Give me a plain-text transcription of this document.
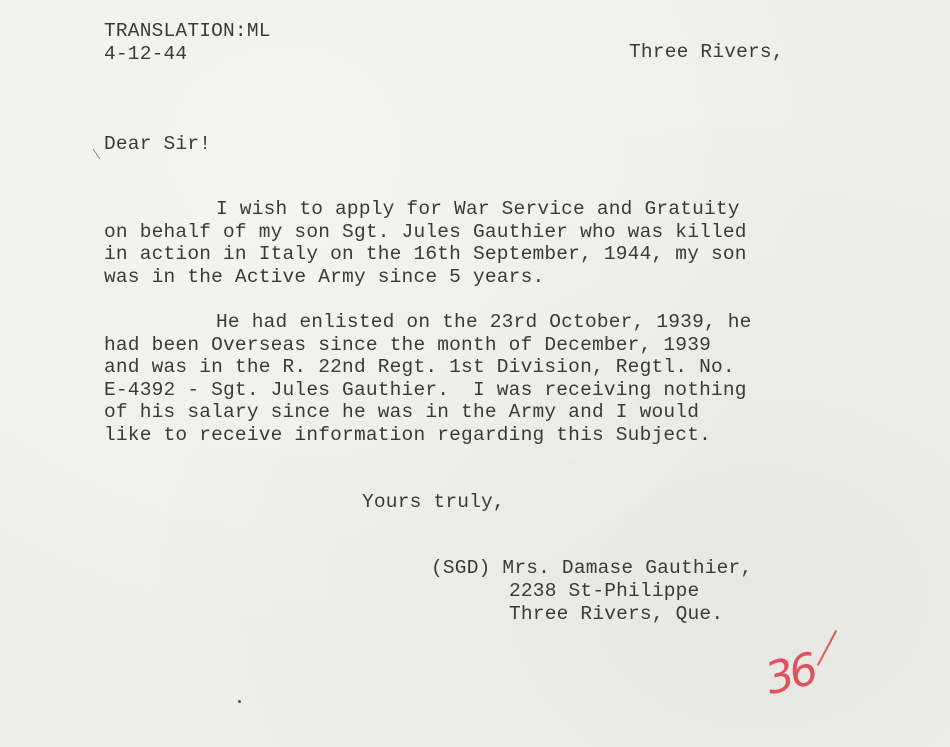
TRANSLATION:ML
4-12-44	Three Rivers,
Dear Sir!
I wish to apply for War Service and Gratuity
on behalf of my son Sgt. Jules Gauthier who was killed
in action in Italy on the 16th September, 1944, my son
was in the Active Army since 5 years.
He had enlisted on the 23rd October, 1939, he
had been Overseas since the month of December, 1939
and was in the R. 22nd Regt. 1st Division, Regtl. No.
E-4392 - Sgt. Jules Gauthier.  I was receiving nothing
of his salary since he was in the Army and I would
like to receive information regarding this Subject.
Yours truly,
(SGD) Mrs. Damase Gauthier,
2238 St-Philippe
Three Rivers, Que.
36
